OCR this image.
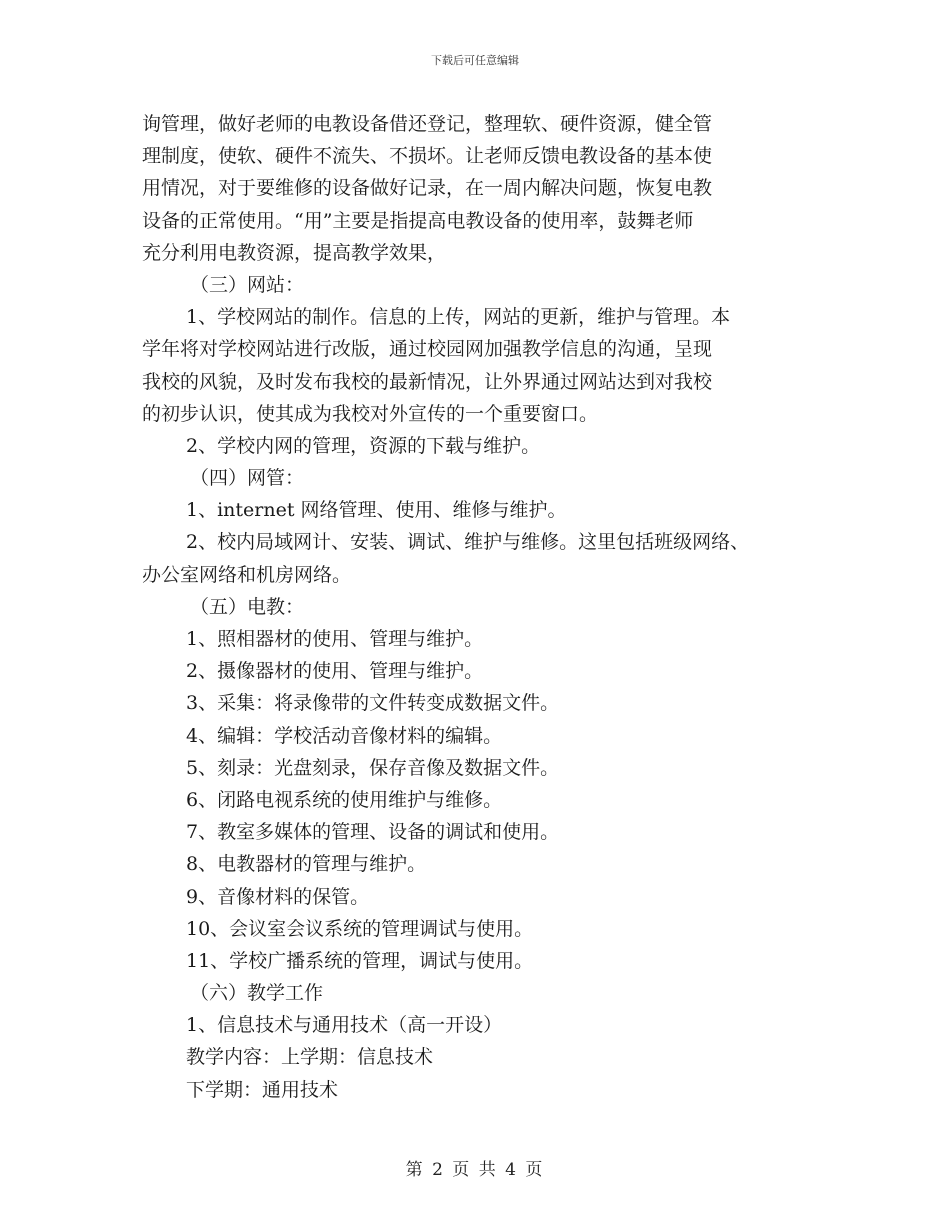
下载后可任意编辑
询管理，做好老师的电教设备借还登记，整理软、硬件资源，健全管
理制度，使软、硬件不流失、不损坏。让老师反馈电教设备的基本使
用情况，对于要维修的设备做好记录，在一周内解决问题，恢复电教
设备的正常使用。“用”主要是指提高电教设备的使用率，鼓舞老师
充分利用电教资源，提高教学效果，
（三）网站：
1、学校网站的制作。信息的上传，网站的更新，维护与管理。本
学年将对学校网站进行改版，通过校园网加强教学信息的沟通，呈现
我校的风貌，及时发布我校的最新情况，让外界通过网站达到对我校
的初步认识，使其成为我校对外宣传的一个重要窗口。
2、学校内网的管理，资源的下载与维护。
（四）网管：
1、internet 网络管理、使用、维修与维护。
2、校内局域网计、安装、调试、维护与维修。这里包括班级网络、
办公室网络和机房网络。
（五）电教：
1、照相器材的使用、管理与维护。
2、摄像器材的使用、管理与维护。
3、采集：将录像带的文件转变成数据文件。
4、编辑：学校活动音像材料的编辑。
5、刻录：光盘刻录，保存音像及数据文件。
6、闭路电视系统的使用维护与维修。
7、教室多媒体的管理、设备的调试和使用。
8、电教器材的管理与维护。
9、音像材料的保管。
10、会议室会议系统的管理调试与使用。
11、学校广播系统的管理，调试与使用。
（六）教学工作
1、信息技术与通用技术（高一开设）
教学内容：上学期：信息技术
下学期：通用技术
第 2 页 共 4 页
